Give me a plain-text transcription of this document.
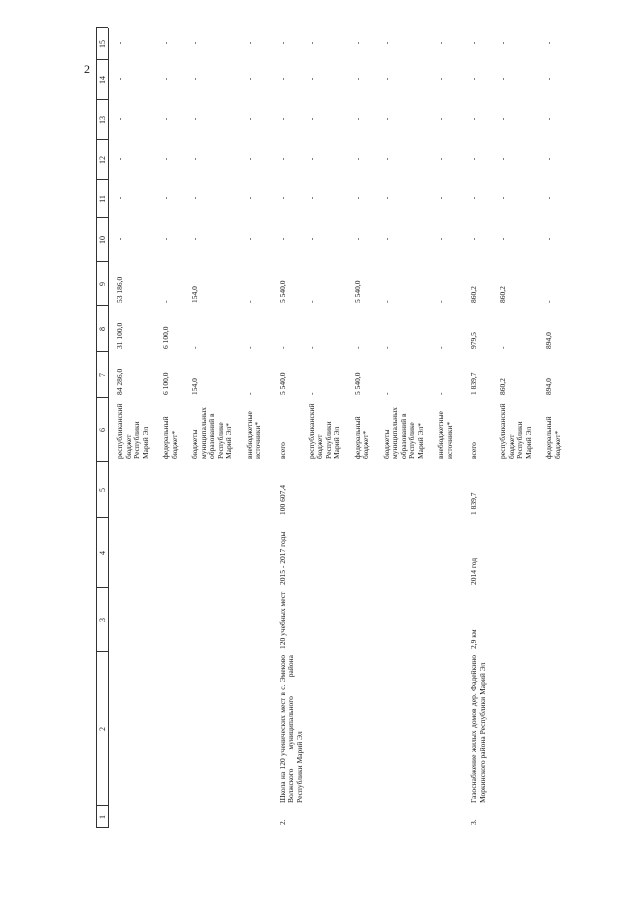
2
1
2
3
4
5
6
7
8
9
10
11
12
13
14
15
республиканский бюджет Республики Марий Эл
84 286,0
31 100,0
53 186,0
-
-
-
-
-
-
федеральный бюджет*
6 100,0
6 100,0
-
-
-
-
-
-
-
бюджеты муниципальных образований в Республике Марий Эл*
154,0
-
154,0
-
-
-
-
-
-
внебюджетные источники*
-
-
-
-
-
-
-
-
-
2.
Школа на 120 ученических мест в с. Эмеково Волжского муниципального района Республики Марий Эл
120 учебных мест
2015 - 2017 годы
100 607,4
всего
5 540,0
-
5 540,0
-
-
-
-
-
-
республиканский бюджет Республики Марий Эл
-
-
-
-
-
-
-
-
-
федеральный бюджет*
5 540,0
-
5 540,0
-
-
-
-
-
-
бюджеты муниципальных образований в Республике Марий Эл*
-
-
-
-
-
-
-
-
-
внебюджетные источники*
-
-
-
-
-
-
-
-
-
3.
Газоснабжение жилых домов дер. Фадейкино Моркинского района Республики Марий Эл
2,9 км
2014 год
1 839,7
всего
1 839,7
979,5
860,2
-
-
-
-
-
-
республиканский бюджет Республики Марий Эл
860,2
-
860,2
-
-
-
-
-
-
федеральный бюджет*
894,0
894,0
-
-
-
-
-
-
-
